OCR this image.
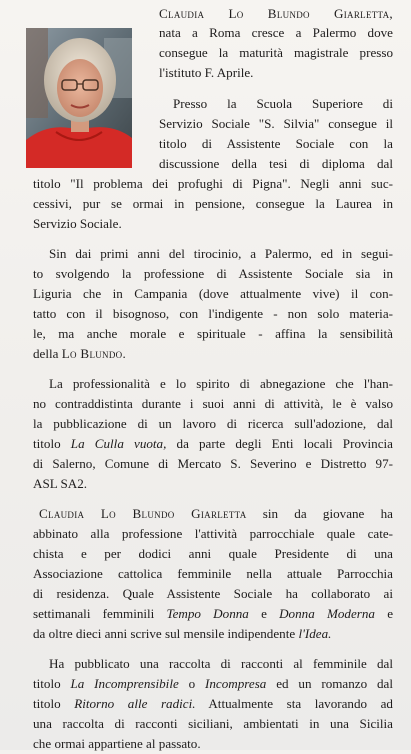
Claudia Lo Blundo Giarletta,
nata a Roma cresce a Palermo dove
consegue la maturità magistrale presso
l'istituto F. Aprile.
Presso la Scuola Superiore di
Servizio Sociale "S. Silvia" consegue il
titolo di Assistente Sociale con la
discussione della tesi di diploma dal
titolo "Il problema dei profughi di Pigna". Negli anni suc-
cessivi, pur se ormai in pensione, consegue la Laurea in
Servizio Sociale.
Sin dai primi anni del tirocinio, a Palermo, ed in segui-
to svolgendo la professione di Assistente Sociale sia in
Liguria che in Campania (dove attualmente vive) il con-
tatto con il bisognoso, con l'indigente - non solo materia-
le, ma anche morale e spirituale - affina la sensibilità
della Lo Blundo.
La professionalità e lo spirito di abnegazione che l'han-
no contraddistinta durante i suoi anni di attività, le è valso
la pubblicazione di un lavoro di ricerca sull'adozione, dal
titolo La Culla vuota, da parte degli Enti locali Provincia
di Salerno, Comune di Mercato S. Severino e Distretto 97-
ASL SA2.
Claudia Lo Blundo Giarletta sin da giovane ha
abbinato alla professione l'attività parrocchiale quale cate-
chista e per dodici anni quale Presidente di una
Associazione cattolica femminile nella attuale Parrocchia
di residenza. Quale Assistente Sociale ha collaborato ai
settimanali femminili Tempo Donna e Donna Moderna e
da oltre dieci anni scrive sul mensile indipendente l'Idea.
Ha pubblicato una raccolta di racconti al femminile dal
titolo La Incomprensibile o Incompresa ed un romanzo dal
titolo Ritorno alle radici. Attualmente sta lavorando ad
una raccolta di racconti siciliani, ambientati in una Sicilia
che ormai appartiene al passato.
